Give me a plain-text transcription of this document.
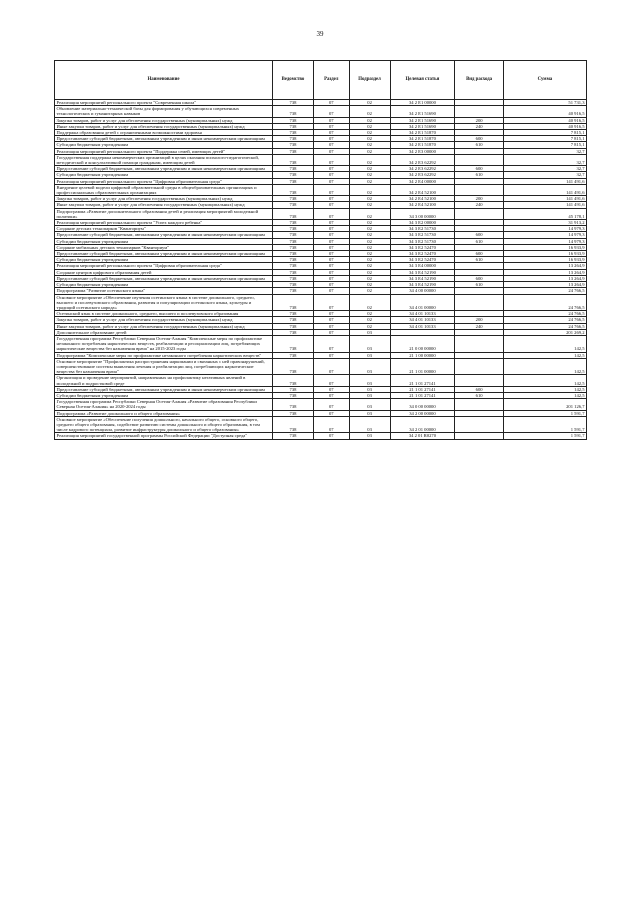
39
Наименование	Ведомство	Раздел	Подраздел	Целевая статья	Вид расхода	Сумма
Реализация мероприятий регионального проекта "Современная школа"	738	07	02	34 2 Е1 00000		51 731,3
Обновление материально-технической базы для формирования у обучающихся современных технологических и гуманитарных навыков	738	07	02	34 2 Е1 51690		40 916,5
Закупка товаров, работ и услуг для обеспечения государственных (муниципальных) нужд	738	07	02	34 2 Е1 51690	200	40 916,5
Иные закупки товаров, работ и услуг для обеспечения государственных (муниципальных) нужд	738	07	02	34 2 Е1 51690	240	40 916,5
Поддержка образования детей с ограниченными возможностями здоровья	738	07	02	34 2 Е1 51870		7 815,1
Предоставление субсидий бюджетным, автономным учреждениям и иным некоммерческим организациям	738	07	02	34 2 Е1 51870	600	7 815,1
Субсидии бюджетным учреждениям	738	07	02	34 2 Е1 51870	610	7 815,1
Реализация мероприятий регионального проекта "Поддержка семей, имеющих детей"	738	07	02	34 2 Е3 00000		32,7
Государственная поддержка некоммерческих организаций в целях оказания психолого-педагогической, методической и консультативной помощи гражданам, имеющим детей	738	07	02	34 2 Е3 62292		32,7
Предоставление субсидий бюджетным, автономным учреждениям и иным некоммерческим организациям	738	07	02	34 2 Е3 62292	600	32,7
Субсидии бюджетным учреждениям	738	07	02	34 2 Е3 62292	610	32,7
Реализация мероприятий регионального проекта "Цифровая образовательная среда"	738	07	02	34 2 Е4 00000		141 491,6
Внедрение целевой модели цифровой образовательной среды в общеобразовательных организациях и профессиональных образовательных организациях	738	07	02	34 2 Е4 52100		141 491,6
Закупка товаров, работ и услуг для обеспечения государственных (муниципальных) нужд	738	07	02	34 2 Е4 52100	200	141 491,6
Иные закупки товаров, работ и услуг для обеспечения государственных (муниципальных) нужд	738	07	02	34 2 Е4 52100	240	141 491,6
Подпрограмма «Развитие дополнительного образования детей и реализация мероприятий молодежной политики»	738	07	02	34 3 00 00000		45 178,1
Реализация мероприятий регионального проекта "Успех каждого ребенка"	738	07	02	34 3 Е2 00000		31 913,2
Создание детских технопарков "Кванториум"	738	07	02	34 3 Е2 51730		14 979,3
Предоставление субсидий бюджетным, автономным учреждениям и иным некоммерческим организациям	738	07	02	34 3 Е2 51730	600	14 979,3
Субсидии бюджетным учреждениям	738	07	02	34 3 Е2 51730	610	14 979,3
Создание мобильных детских технопарков "Кванториум"	738	07	02	34 3 Е2 52470		16 933,9
Предоставление субсидий бюджетным, автономным учреждениям и иным некоммерческим организациям	738	07	02	34 3 Е2 52470	600	16 933,9
Субсидии бюджетным учреждениям	738	07	02	34 3 Е2 52470	610	16 933,9
Реализация мероприятий регионального проекта "Цифровая образовательная среда"	738	07	02	34 3 Е4 00000		13 264,9
Создание центров цифрового образования детей	738	07	02	34 3 Е4 52190		13 264,9
Предоставление субсидий бюджетным, автономным учреждениям и иным некоммерческим организациям	738	07	02	34 3 Е4 52190	600	13 264,9
Субсидии бюджетным учреждениям	738	07	02	34 3 Е4 52190	610	13 264,9
Подпрограмма "Развитие осетинского языка"	738	07	02	34 4 00 00000		24 766,5
Основное мероприятие «Обеспечение изучения осетинского языка в системе дошкольного, среднего, высшего и послевузовского образования, развития и популяризации осетинского языка, культуры и традиций осетинского народа»	738	07	02	34 4 01 00000		24 766,5
Осетинский язык в системе дошкольного, среднего, высшего и послевузовского образования	738	07	02	34 4 01 10133		24 766,5
Закупка товаров, работ и услуг для обеспечения государственных (муниципальных) нужд	738	07	02	34 4 01 10133	200	24 766,5
Иные закупки товаров, работ и услуг для обеспечения государственных (муниципальных) нужд	738	07	02	34 4 01 10133	240	24 766,5
Дополнительное образование детей	738	07	03			201 269,2
Государственная программа Республики Северная Осетия-Алания "Комплексные меры по профилактике незаконного потребления наркотических веществ, реабилитации и ресоциализации лиц, потребляющих наркотические вещества без назначения врача" на 2015-2023 годы	738	07	03	21 0 00 00000		142,5
Подпрограмма "Комплексные меры по профилактике незаконного потребления наркотических веществ"	738	07	03	21 1 00 00000		142,5
Основное мероприятие "Профилактика распространения наркомании и связанных с ней правонарушений, совершенствование системы выявления лечения и реабилитации лиц, потребляющих наркотические вещества без назначения врача"	738	07	03	21 1 01 00000		142,5
Организация и проведение мероприятий, направленных на профилактику негативных явлений в молодежной и подростковой среде	738	07	03	21 1 01 27141		142,5
Предоставление субсидий бюджетным, автономным учреждениям и иным некоммерческим организациям	738	07	03	21 1 01 27141	600	142,5
Субсидии бюджетным учреждениям	738	07	03	21 1 01 27141	610	142,5
Государственная программа Республики Северная Осетия-Алания «Развитие образования Республики Северная Осетия-Алания» на 2020-2024 годы	738	07	03	34 0 00 00000		201 126,7
Подпрограмма «Развитие дошкольного и общего образования»	738	07	03	34 2 00 00000		1 591,7
Основное мероприятие «Обеспечение получения дошкольного, начального общего, основного общего, среднего общего образования, содействие развитию системы дошкольного и общего образования, в том числе кадрового потенциала, развитие инфраструктуры дошкольного и общего образования»	738	07	03	34 2 01 00000		1 591,7
Реализация мероприятий государственной программы Российской Федерации "Доступная среда"	738	07	03	34 2 01 R0270		1 591,7
